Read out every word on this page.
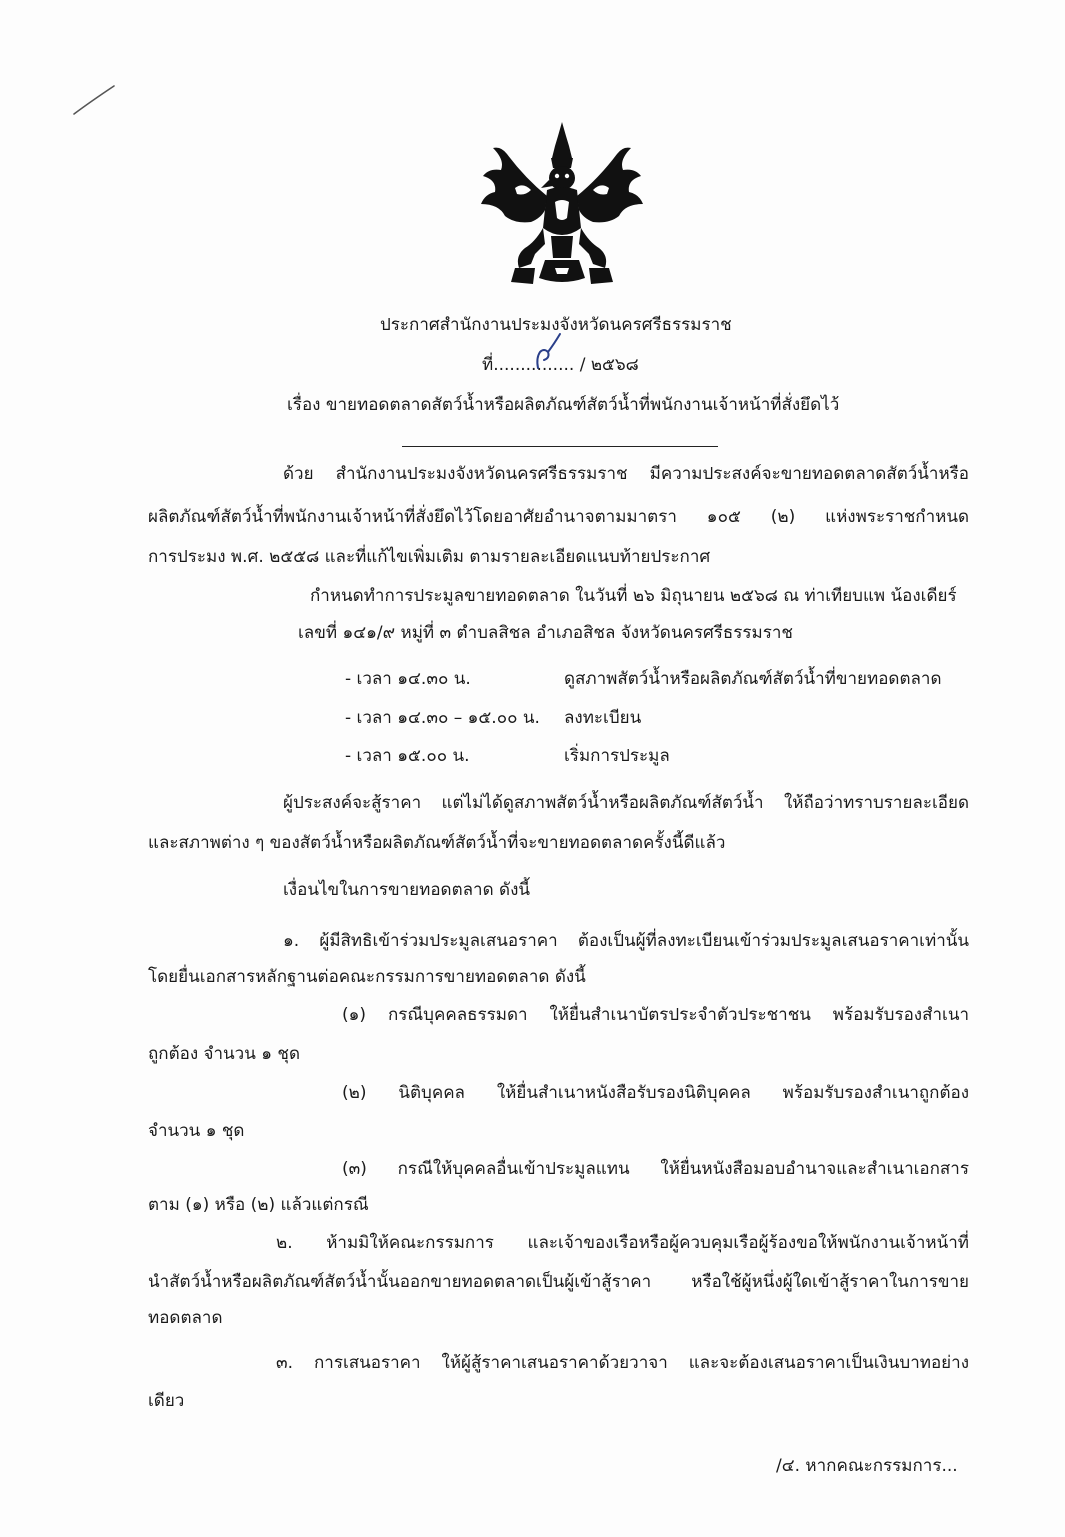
ประกาศสำนักงานประมงจังหวัดนครศรีธรรมราช
ที่............... / ๒๕๖๘
เรื่อง ขายทอดตลาดสัตว์น้ำหรือผลิตภัณฑ์สัตว์น้ำที่พนักงานเจ้าหน้าที่สั่งยึดไว้
ด้วย สำนักงานประมงจังหวัดนครศรีธรรมราช มีความประสงค์จะขายทอดตลาดสัตว์น้ำหรือ
ผลิตภัณฑ์สัตว์น้ำที่พนักงานเจ้าหน้าที่สั่งยึดไว้โดยอาศัยอำนาจตามมาตรา ๑๐๕ (๒) แห่งพระราชกำหนด
การประมง พ.ศ. ๒๕๕๘ และที่แก้ไขเพิ่มเติม ตามรายละเอียดแนบท้ายประกาศ
กำหนดทำการประมูลขายทอดตลาด ในวันที่ ๒๖ มิถุนายน ๒๕๖๘ ณ ท่าเทียบแพ น้องเดียร์
เลขที่ ๑๔๑/๙ หมู่ที่ ๓ ตำบลสิชล อำเภอสิชล จังหวัดนครศรีธรรมราช
- เวลา ๑๔.๓๐ น.	ดูสภาพสัตว์น้ำหรือผลิตภัณฑ์สัตว์น้ำที่ขายทอดตลาด
- เวลา ๑๔.๓๐ – ๑๕.๐๐ น. ลงทะเบียน
- เวลา ๑๕.๐๐ น.	เริ่มการประมูล
ผู้ประสงค์จะสู้ราคา แต่ไม่ได้ดูสภาพสัตว์น้ำหรือผลิตภัณฑ์สัตว์น้ำ ให้ถือว่าทราบรายละเอียด
และสภาพต่าง ๆ ของสัตว์น้ำหรือผลิตภัณฑ์สัตว์น้ำที่จะขายทอดตลาดครั้งนี้ดีแล้ว
เงื่อนไขในการขายทอดตลาด ดังนี้
๑. ผู้มีสิทธิเข้าร่วมประมูลเสนอราคา ต้องเป็นผู้ที่ลงทะเบียนเข้าร่วมประมูลเสนอราคาเท่านั้น
โดยยื่นเอกสารหลักฐานต่อคณะกรรมการขายทอดตลาด ดังนี้
(๑) กรณีบุคคลธรรมดา ให้ยื่นสำเนาบัตรประจำตัวประชาชน พร้อมรับรองสำเนา
ถูกต้อง จำนวน ๑ ชุด
(๒) นิติบุคคล ให้ยื่นสำเนาหนังสือรับรองนิติบุคคล พร้อมรับรองสำเนาถูกต้อง
จำนวน ๑ ชุด
(๓) กรณีให้บุคคลอื่นเข้าประมูลแทน ให้ยื่นหนังสือมอบอำนาจและสำเนาเอกสาร
ตาม (๑) หรือ (๒) แล้วแต่กรณี
๒. ห้ามมิให้คณะกรรมการ และเจ้าของเรือหรือผู้ควบคุมเรือผู้ร้องขอให้พนักงานเจ้าหน้าที่
นำสัตว์น้ำหรือผลิตภัณฑ์สัตว์น้ำนั้นออกขายทอดตลาดเป็นผู้เข้าสู้ราคา หรือใช้ผู้หนึ่งผู้ใดเข้าสู้ราคาในการขาย
ทอดตลาด
๓. การเสนอราคา ให้ผู้สู้ราคาเสนอราคาด้วยวาจา และจะต้องเสนอราคาเป็นเงินบาทอย่าง
เดียว
/๔. หากคณะกรรมการ...
